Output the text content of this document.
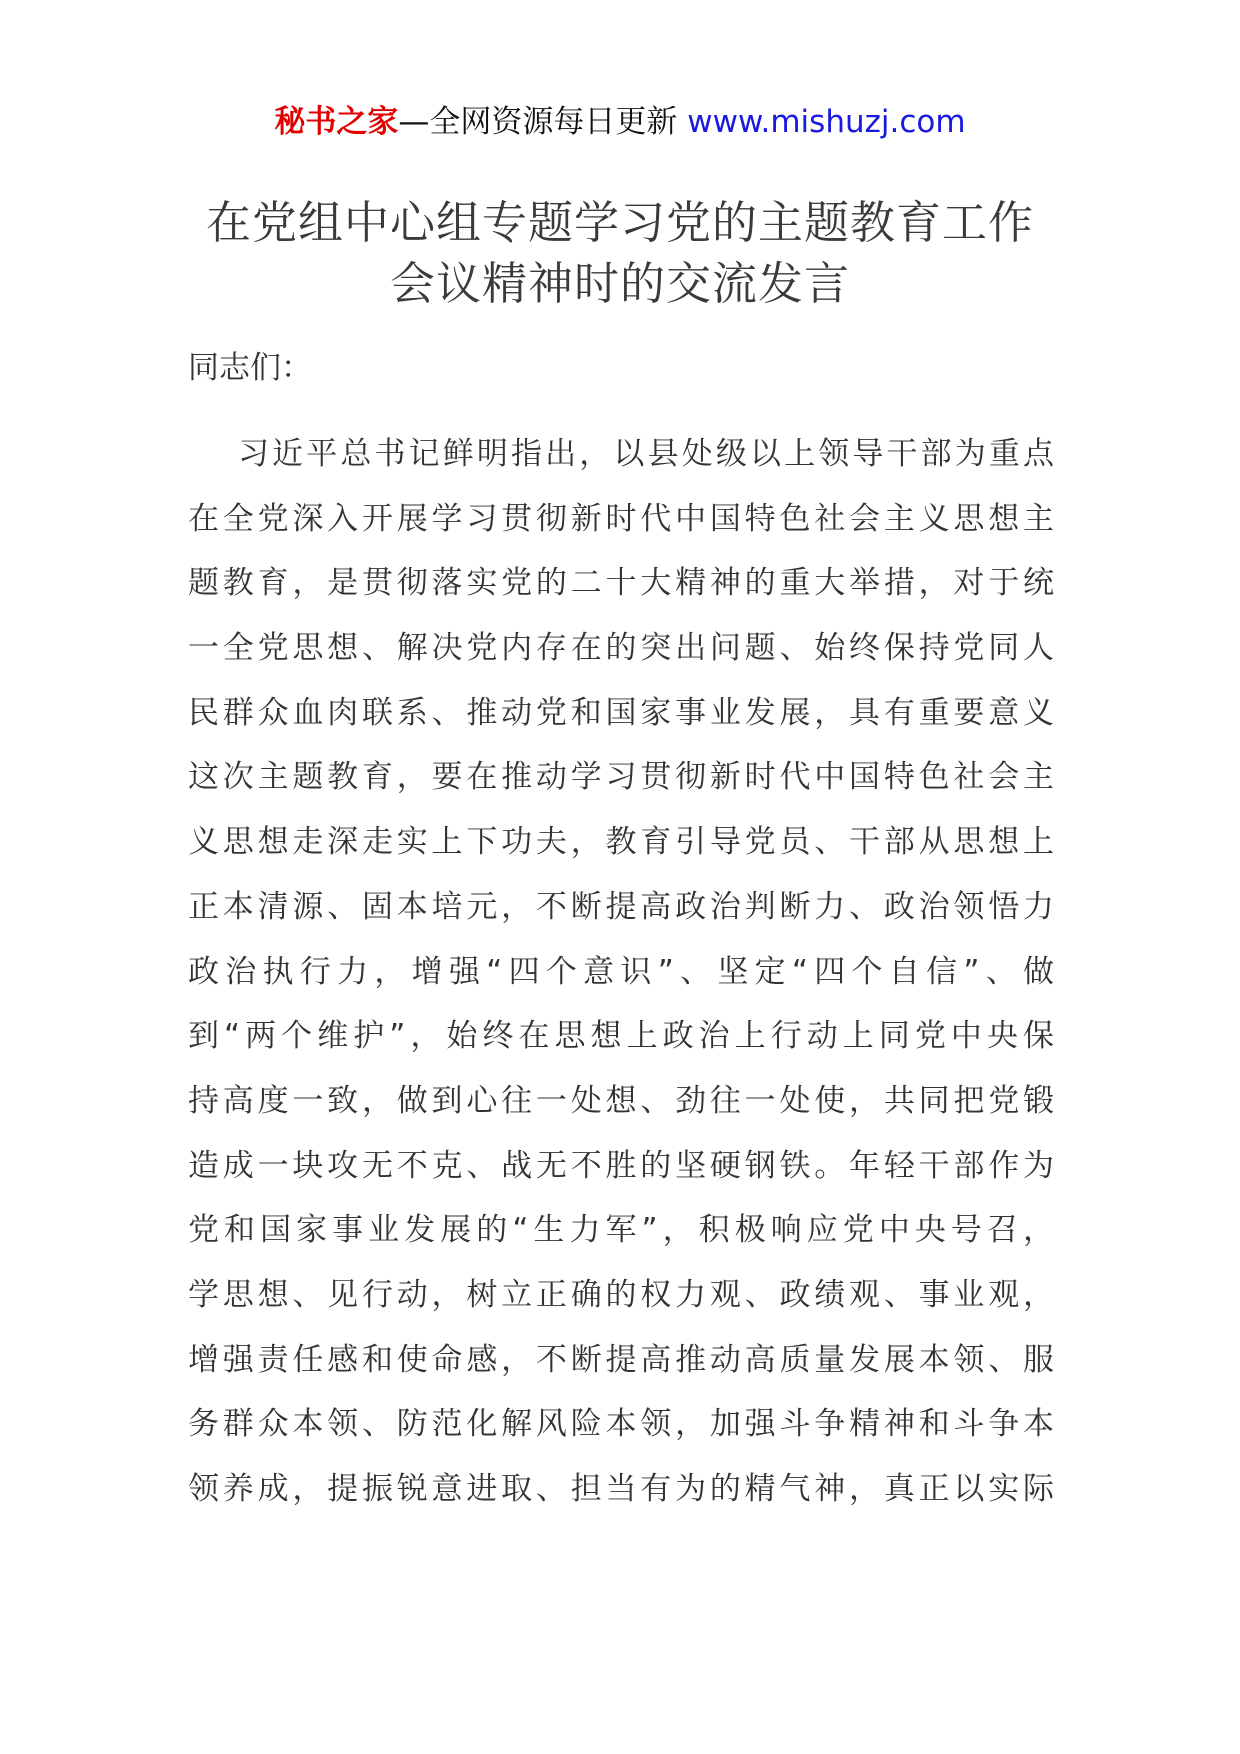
秘书之家—全网资源每日更新 www.mishuzj.com
在党组中心组专题学习党的主题教育工作
会议精神时的交流发言
同志们：
习近平总书记鲜明指出，以县处级以上领导干部为重点
在全党深入开展学习贯彻新时代中国特色社会主义思想主
题教育，是贯彻落实党的二十大精神的重大举措，对于统
一全党思想、解决党内存在的突出问题、始终保持党同人
民群众血肉联系、推动党和国家事业发展，具有重要意义
这次主题教育，要在推动学习贯彻新时代中国特色社会主
义思想走深走实上下功夫，教育引导党员、干部从思想上
正本清源、固本培元，不断提高政治判断力、政治领悟力
政治执行力，增强“四个意识”、坚定“四个自信”、做
到“两个维护”，始终在思想上政治上行动上同党中央保
持高度一致，做到心往一处想、劲往一处使，共同把党锻
造成一块攻无不克、战无不胜的坚硬钢铁。年轻干部作为
党和国家事业发展的“生力军”，积极响应党中央号召，
学思想、见行动，树立正确的权力观、政绩观、事业观，
增强责任感和使命感，不断提高推动高质量发展本领、服
务群众本领、防范化解风险本领，加强斗争精神和斗争本
领养成，提振锐意进取、担当有为的精气神，真正以实际
